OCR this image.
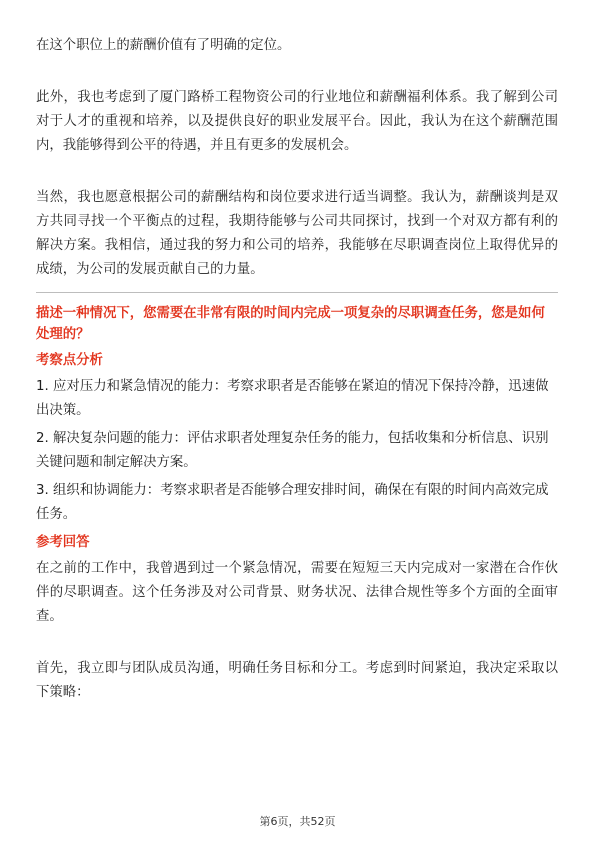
在这个职位上的薪酬价值有了明确的定位。

此外，我也考虑到了厦门路桥工程物资公司的行业地位和薪酬福利体系。我了解到公司对于人才的重视和培养，以及提供良好的职业发展平台。因此，我认为在这个薪酬范围内，我能够得到公平的待遇，并且有更多的发展机会。

当然，我也愿意根据公司的薪酬结构和岗位要求进行适当调整。我认为，薪酬谈判是双方共同寻找一个平衡点的过程，我期待能够与公司共同探讨，找到一个对双方都有利的解决方案。我相信，通过我的努力和公司的培养，我能够在尽职调查岗位上取得优异的成绩，为公司的发展贡献自己的力量。

描述一种情况下，您需要在非常有限的时间内完成一项复杂的尽职调查任务，您是如何处理的？

考察点分析

1. 应对压力和紧急情况的能力：考察求职者是否能够在紧迫的情况下保持冷静，迅速做出决策。

2. 解决复杂问题的能力：评估求职者处理复杂任务的能力，包括收集和分析信息、识别关键问题和制定解决方案。

3. 组织和协调能力：考察求职者是否能够合理安排时间，确保在有限的时间内高效完成任务。

参考回答

在之前的工作中，我曾遇到过一个紧急情况，需要在短短三天内完成对一家潜在合作伙伴的尽职调查。这个任务涉及对公司背景、财务状况、法律合规性等多个方面的全面审查。

首先，我立即与团队成员沟通，明确任务目标和分工。考虑到时间紧迫，我决定采取以下策略：

第6页，共52页
